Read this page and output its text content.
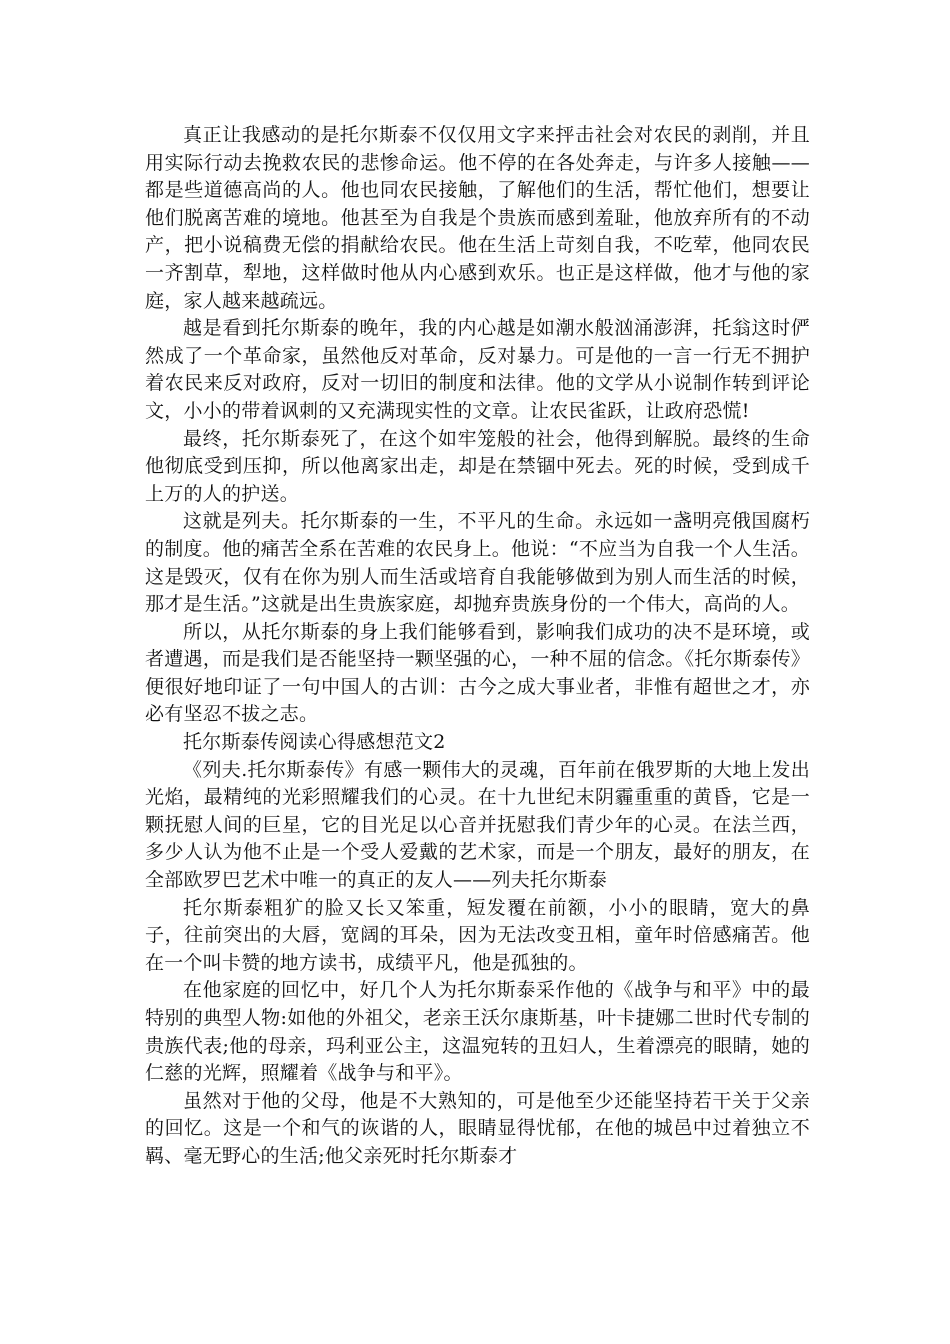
真正让我感动的是托尔斯泰不仅仅用文字来抨击社会对农民的剥削，并且用实际行动去挽救农民的悲惨命运。他不停的在各处奔走，与许多人接触——都是些道德高尚的人。他也同农民接触，了解他们的生活，帮忙他们，想要让他们脱离苦难的境地。他甚至为自我是个贵族而感到羞耻，他放弃所有的不动产，把小说稿费无偿的捐献给农民。他在生活上苛刻自我，不吃荤，他同农民一齐割草，犁地，这样做时他从内心感到欢乐。也正是这样做，他才与他的家庭，家人越来越疏远。

越是看到托尔斯泰的晚年，我的内心越是如潮水般汹涌澎湃，托翁这时俨然成了一个革命家，虽然他反对革命，反对暴力。可是他的一言一行无不拥护着农民来反对政府，反对一切旧的制度和法律。他的文学从小说制作转到评论文，小小的带着讽刺的又充满现实性的文章。让农民雀跃，让政府恐慌!

最终，托尔斯泰死了，在这个如牢笼般的社会，他得到解脱。最终的生命他彻底受到压抑，所以他离家出走，却是在禁锢中死去。死的时候，受到成千上万的人的护送。

这就是列夫。托尔斯泰的一生，不平凡的生命。永远如一盏明亮俄国腐朽的制度。他的痛苦全系在苦难的农民身上。他说：“不应当为自我一个人生活。这是毁灭，仅有在你为别人而生活或培育自我能够做到为别人而生活的时候，那才是生活。”这就是出生贵族家庭，却抛弃贵族身份的一个伟大，高尚的人。

所以，从托尔斯泰的身上我们能够看到，影响我们成功的决不是环境，或者遭遇，而是我们是否能坚持一颗坚强的心，一种不屈的信念。《托尔斯泰传》便很好地印证了一句中国人的古训：古今之成大事业者，非惟有超世之才，亦必有坚忍不拔之志。

托尔斯泰传阅读心得感想范文2

《列夫.托尔斯泰传》有感一颗伟大的灵魂，百年前在俄罗斯的大地上发出光焰，最精纯的光彩照耀我们的心灵。在十九世纪末阴霾重重的黄昏，它是一颗抚慰人间的巨星，它的目光足以心音并抚慰我们青少年的心灵。在法兰西，多少人认为他不止是一个受人爱戴的艺术家，而是一个朋友，最好的朋友，在全部欧罗巴艺术中唯一的真正的友人——列夫托尔斯泰

托尔斯泰粗犷的脸又长又笨重，短发覆在前额，小小的眼睛，宽大的鼻子，往前突出的大唇，宽阔的耳朵，因为无法改变丑相，童年时倍感痛苦。他在一个叫卡赞的地方读书，成绩平凡，他是孤独的。

在他家庭的回忆中，好几个人为托尔斯泰采作他的《战争与和平》中的最特别的典型人物:如他的外祖父，老亲王沃尔康斯基，叶卡捷娜二世时代专制的贵族代表;他的母亲，玛利亚公主，这温宛转的丑妇人，生着漂亮的眼睛，她的仁慈的光辉，照耀着《战争与和平》。

虽然对于他的父母，他是不大熟知的，可是他至少还能坚持若干关于父亲的回忆。这是一个和气的诙谐的人，眼睛显得忧郁，在他的城邑中过着独立不羁、毫无野心的生活;他父亲死时托尔斯泰才
